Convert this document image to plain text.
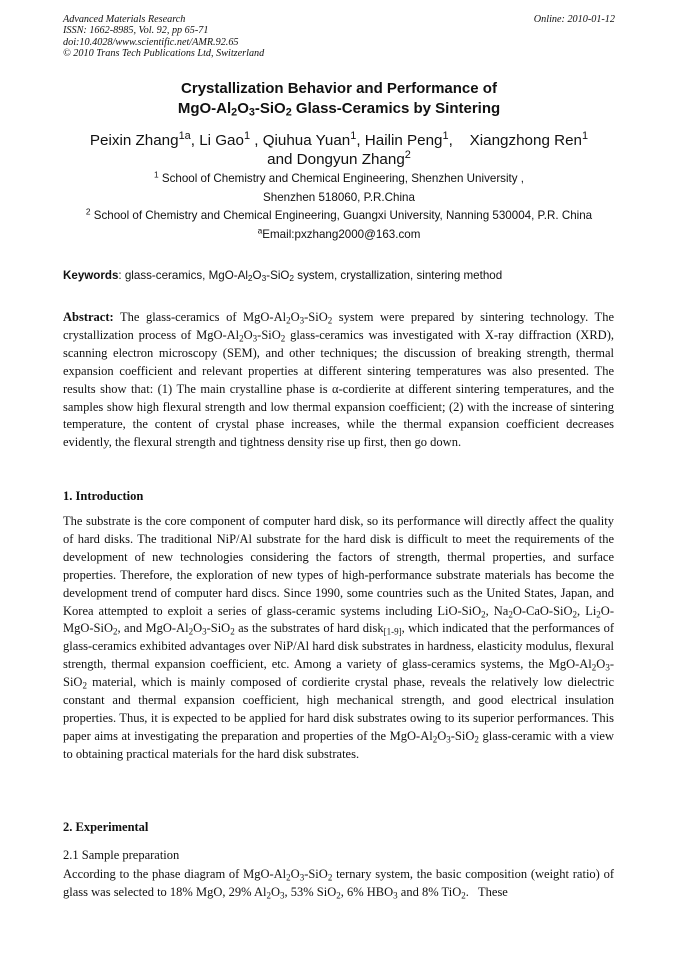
Advanced Materials Research
ISSN: 1662-8985, Vol. 92, pp 65-71
doi:10.4028/www.scientific.net/AMR.92.65
© 2010 Trans Tech Publications Ltd, Switzerland
Online: 2010-01-12
Crystallization Behavior and Performance of
MgO-$Al_2O_3-SiO_2$ Glass-Ceramics by Sintering
Peixin Zhang$^{1a}$, Li Gao$^1$ , Qiuhua Yuan$^1$, Hailin Peng$^1$,    Xiangzhong Ren$^1$
and Dongyun Zhang$^2$
$^1$ School of Chemistry and Chemical Engineering, Shenzhen University ,
Shenzhen 518060, P.R.China
$^2$ School of Chemistry and Chemical Engineering, Guangxi University, Nanning 530004, P.R. China
$^a$Email:pxzhang2000@163.com
Keywords: glass-ceramics, MgO-$Al_2O_3-SiO_2$ system, crystallization, sintering method
Abstract: The glass-ceramics of MgO-$Al_2O_3-SiO_2$ system were prepared by sintering technology. The crystallization process of MgO-$Al_2O_3-SiO_2$ glass-ceramics was investigated with X-ray diffraction (XRD), scanning electron microscopy (SEM), and other techniques; the discussion of breaking strength, thermal expansion coefficient and relevant properties at different sintering temperatures was also presented. The results show that: (1) The main crystalline phase is α-cordierite at different sintering temperatures, and the samples show high flexural strength and low thermal expansion coefficient; (2) with the increase of sintering temperature, the content of crystal phase increases, while the thermal expansion coefficient decreases evidently, the flexural strength and tightness density rise up first, then go down.
1. Introduction
The substrate is the core component of computer hard disk, so its performance will directly affect the quality of hard disks. The traditional NiP/Al substrate for the hard disk is difficult to meet the requirements of the development of new technologies considering the factors of strength, thermal properties, and surface properties. Therefore, the exploration of new types of high-performance substrate materials has become the development trend of computer hard discs. Since 1990, some countries such as the United States, Japan, and Korea attempted to exploit a series of glass-ceramic systems including LiO-SiO$_2$, $Na_2O-CaO-SiO_2$, $Li_2O-MgO-SiO_2$, and MgO-$Al_2O_3-SiO_2$ as the substrates of hard disk$_{[1-9]}$, which indicated that the performances of glass-ceramics exhibited advantages over NiP/Al hard disk substrates in hardness, elasticity modulus, flexural strength, thermal expansion coefficient, etc. Among a variety of glass-ceramics systems, the MgO-$Al_2O_3-SiO_2$ material, which is mainly composed of cordierite crystal phase, reveals the relatively low dielectric constant and thermal expansion coefficient, high mechanical strength, and good electrical insulation properties. Thus, it is expected to be applied for hard disk substrates owing to its superior performances. This paper aims at investigating the preparation and properties of the MgO-$Al_2O_3-SiO_2$ glass-ceramic with a view to obtaining practical materials for the hard disk substrates.
2. Experimental
2.1 Sample preparation
According to the phase diagram of MgO-$Al_2O_3-SiO_2$ ternary system, the basic composition (weight ratio) of glass was selected to 18% MgO, 29% $Al_2O_3$, 53% SiO$_2$, 6% $HBO_3$ and 8% TiO$_2$.   These
